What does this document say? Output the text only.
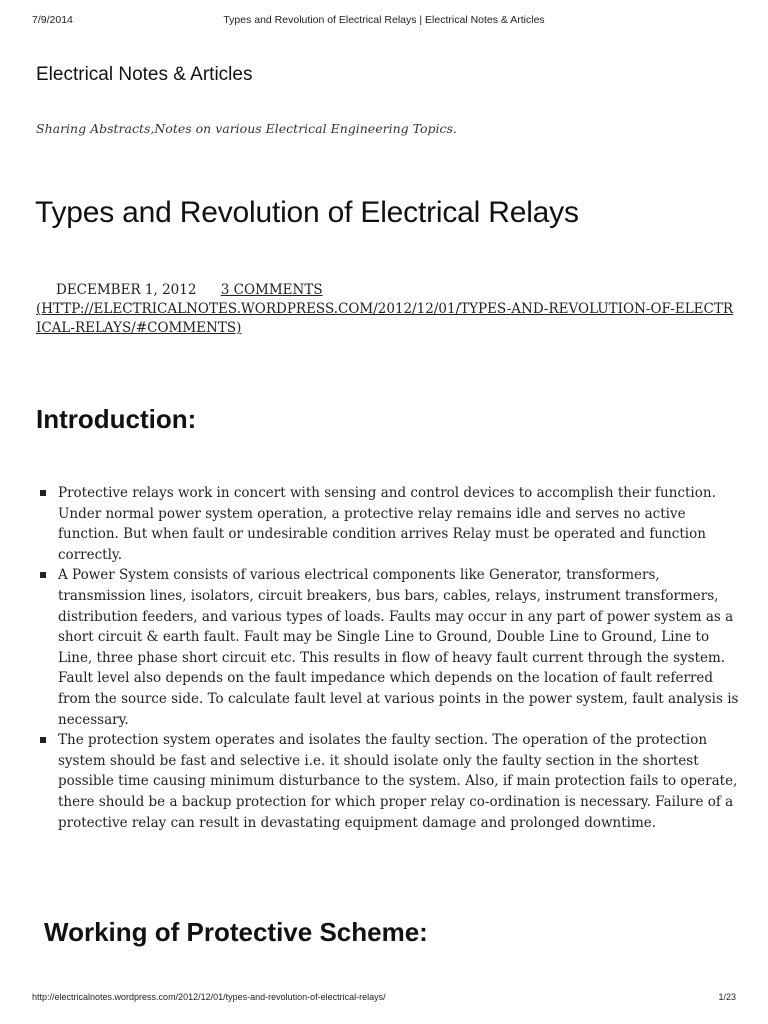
7/9/2014	Types and Revolution of Electrical Relays | Electrical Notes & Articles
Electrical Notes & Articles
Sharing Abstracts,Notes on various Electrical Engineering Topics.
Types and Revolution of Electrical Relays
DECEMBER 1, 2012 3 COMMENTS
(HTTP://ELECTRICALNOTES.WORDPRESS.COM/2012/12/01/TYPES-AND-REVOLUTION-OF-ELECTRICAL-RELAYS/#COMMENTS)
Introduction:
Protective relays work in concert with sensing and control devices to accomplish their function. Under normal power system operation, a protective relay remains idle and serves no active function. But when fault or undesirable condition arrives Relay must be operated and function correctly.
A Power System consists of various electrical components like Generator, transformers, transmission lines, isolators, circuit breakers, bus bars, cables, relays, instrument transformers, distribution feeders, and various types of loads. Faults may occur in any part of power system as a short circuit & earth fault. Fault may be Single Line to Ground, Double Line to Ground, Line to Line, three phase short circuit etc. This results in flow of heavy fault current through the system. Fault level also depends on the fault impedance which depends on the location of fault referred from the source side. To calculate fault level at various points in the power system, fault analysis is necessary.
The protection system operates and isolates the faulty section. The operation of the protection system should be fast and selective i.e. it should isolate only the faulty section in the shortest possible time causing minimum disturbance to the system. Also, if main protection fails to operate, there should be a backup protection for which proper relay co-ordination is necessary. Failure of a protective relay can result in devastating equipment damage and prolonged downtime.
Working of Protective Scheme:
http://electricalnotes.wordpress.com/2012/12/01/types-and-revolution-of-electrical-relays/	1/23
